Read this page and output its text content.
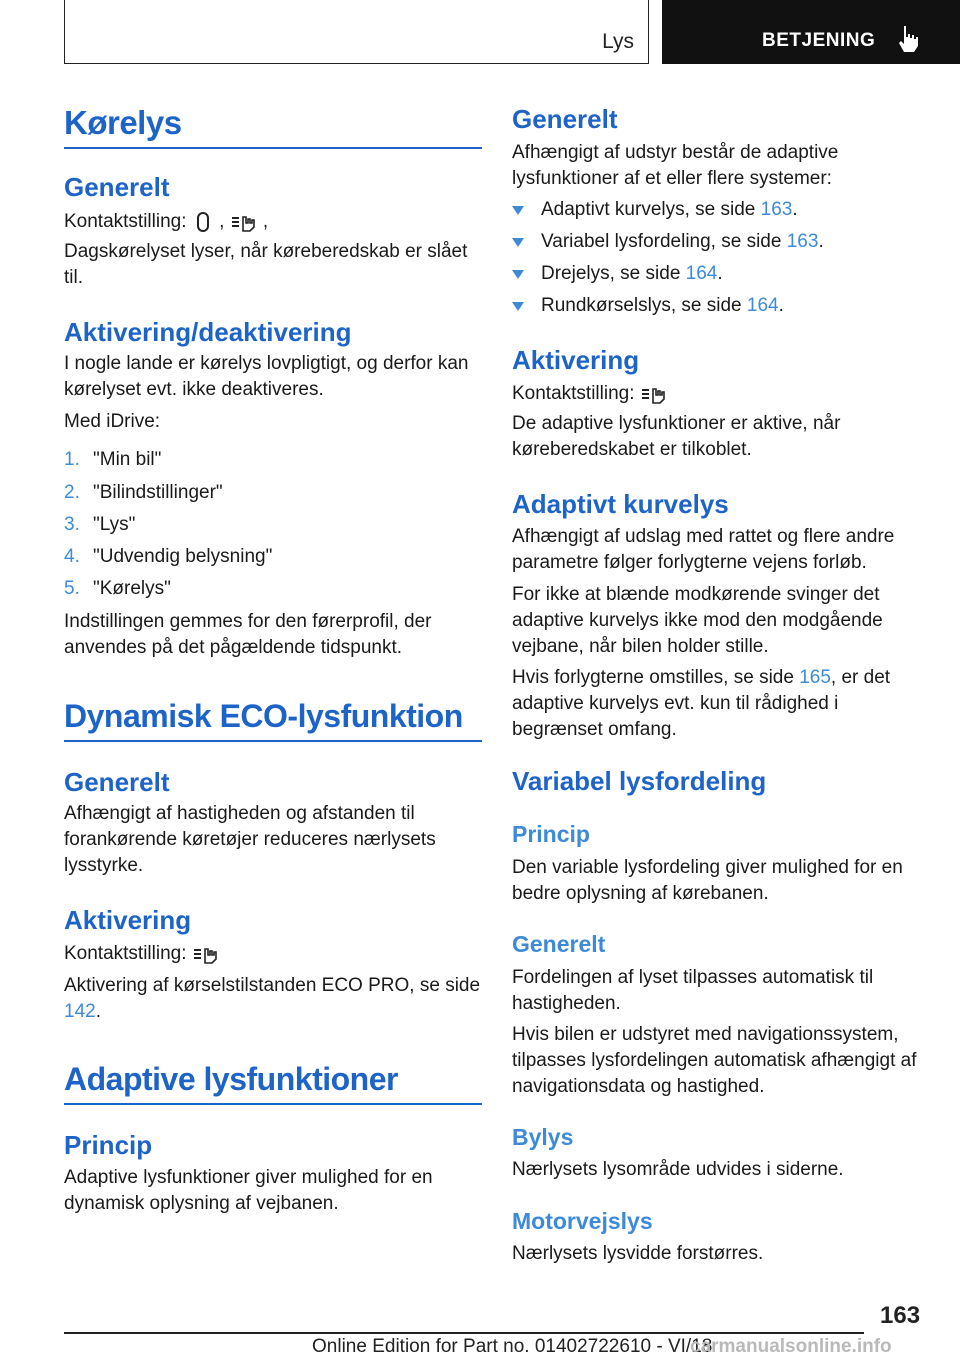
Lys	BETJENING
Kørelys
Generelt
Kontaktstilling: , ,
Dagskørelyset lyser, når køreberedskab er slået til.
Aktivering/deaktivering
I nogle lande er kørelys lovpligtigt, og derfor kan kørelyset evt. ikke deaktiveres.
Med iDrive:
1. "Min bil"
2. "Bilindstillinger"
3. "Lys"
4. "Udvendig belysning"
5. "Kørelys"
Indstillingen gemmes for den førerprofil, der anvendes på det pågældende tidspunkt.
Dynamisk ECO-lysfunktion
Generelt
Afhængigt af hastigheden og afstanden til forankørende køretøjer reduceres nærlysets lysstyrke.
Aktivering
Kontaktstilling:
Aktivering af kørselstilstanden ECO PRO, se side 142.
Adaptive lysfunktioner
Princip
Adaptive lysfunktioner giver mulighed for en dynamisk oplysning af vejbanen.
Generelt
Afhængigt af udstyr består de adaptive lysfunktioner af et eller flere systemer:
Adaptivt kurvelys, se side 163.
Variabel lysfordeling, se side 163.
Drejelys, se side 164.
Rundkørselslys, se side 164.
Aktivering
Kontaktstilling:
De adaptive lysfunktioner er aktive, når køreberedskabet er tilkoblet.
Adaptivt kurvelys
Afhængigt af udslag med rattet og flere andre parametre følger forlygterne vejens forløb.
For ikke at blænde modkørende svinger det adaptive kurvelys ikke mod den modgående vejbane, når bilen holder stille.
Hvis forlygterne omstilles, se side 165, er det adaptive kurvelys evt. kun til rådighed i begrænset omfang.
Variabel lysfordeling
Princip
Den variable lysfordeling giver mulighed for en bedre oplysning af kørebanen.
Generelt
Fordelingen af lyset tilpasses automatisk til hastigheden.
Hvis bilen er udstyret med navigationssystem, tilpasses lysfordelingen automatisk afhængigt af navigationsdata og hastighed.
Bylys
Nærlysets lysområde udvides i siderne.
Motorvejslys
Nærlysets lysvidde forstørres.
163
Online Edition for Part no. 01402722610 - VI/18
carmanualsonline.info
